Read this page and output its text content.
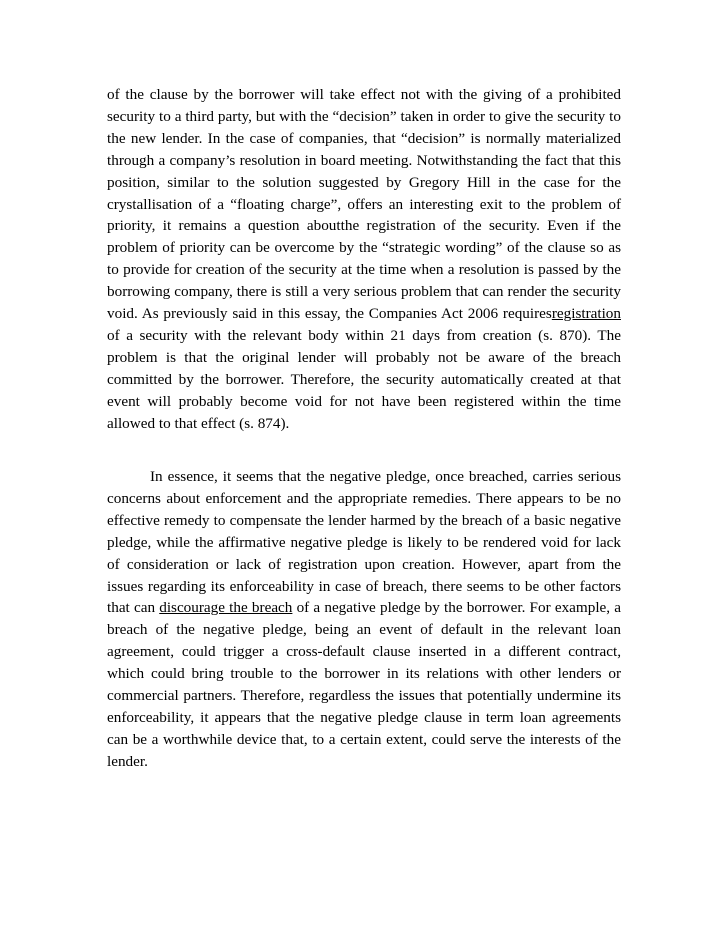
of the clause by the borrower will take effect not with the giving of a prohibited security to a third party, but with the “decision” taken in order to give the security to the new lender. In the case of companies, that “decision” is normally materialized through a company’s resolution in board meeting. Notwithstanding the fact that this position, similar to the solution suggested by Gregory Hill in the case for the crystallisation of a “floating charge”, offers an interesting exit to the problem of priority, it remains a question aboutthe registration of the security. Even if the problem of priority can be overcome by the “strategic wording” of the clause so as to provide for creation of the security at the time when a resolution is passed by the borrowing company, there is still a very serious problem that can render the security void. As previously said in this essay, the Companies Act 2006 requiresregistration of a security with the relevant body within 21 days from creation (s. 870). The problem is that the original lender will probably not be aware of the breach committed by the borrower. Therefore, the security automatically created at that event will probably become void for not have been registered within the time allowed to that effect (s. 874).

In essence, it seems that the negative pledge, once breached, carries serious concerns about enforcement and the appropriate remedies. There appears to be no effective remedy to compensate the lender harmed by the breach of a basic negative pledge, while the affirmative negative pledge is likely to be rendered void for lack of consideration or lack of registration upon creation. However, apart from the issues regarding its enforceability in case of breach, there seems to be other factors that can discourage the breach of a negative pledge by the borrower. For example, a breach of the negative pledge, being an event of default in the relevant loan agreement, could trigger a cross-default clause inserted in a different contract, which could bring trouble to the borrower in its relations with other lenders or commercial partners. Therefore, regardless the issues that potentially undermine its enforceability, it appears that the negative pledge clause in term loan agreements can be a worthwhile device that, to a certain extent, could serve the interests of the lender.
